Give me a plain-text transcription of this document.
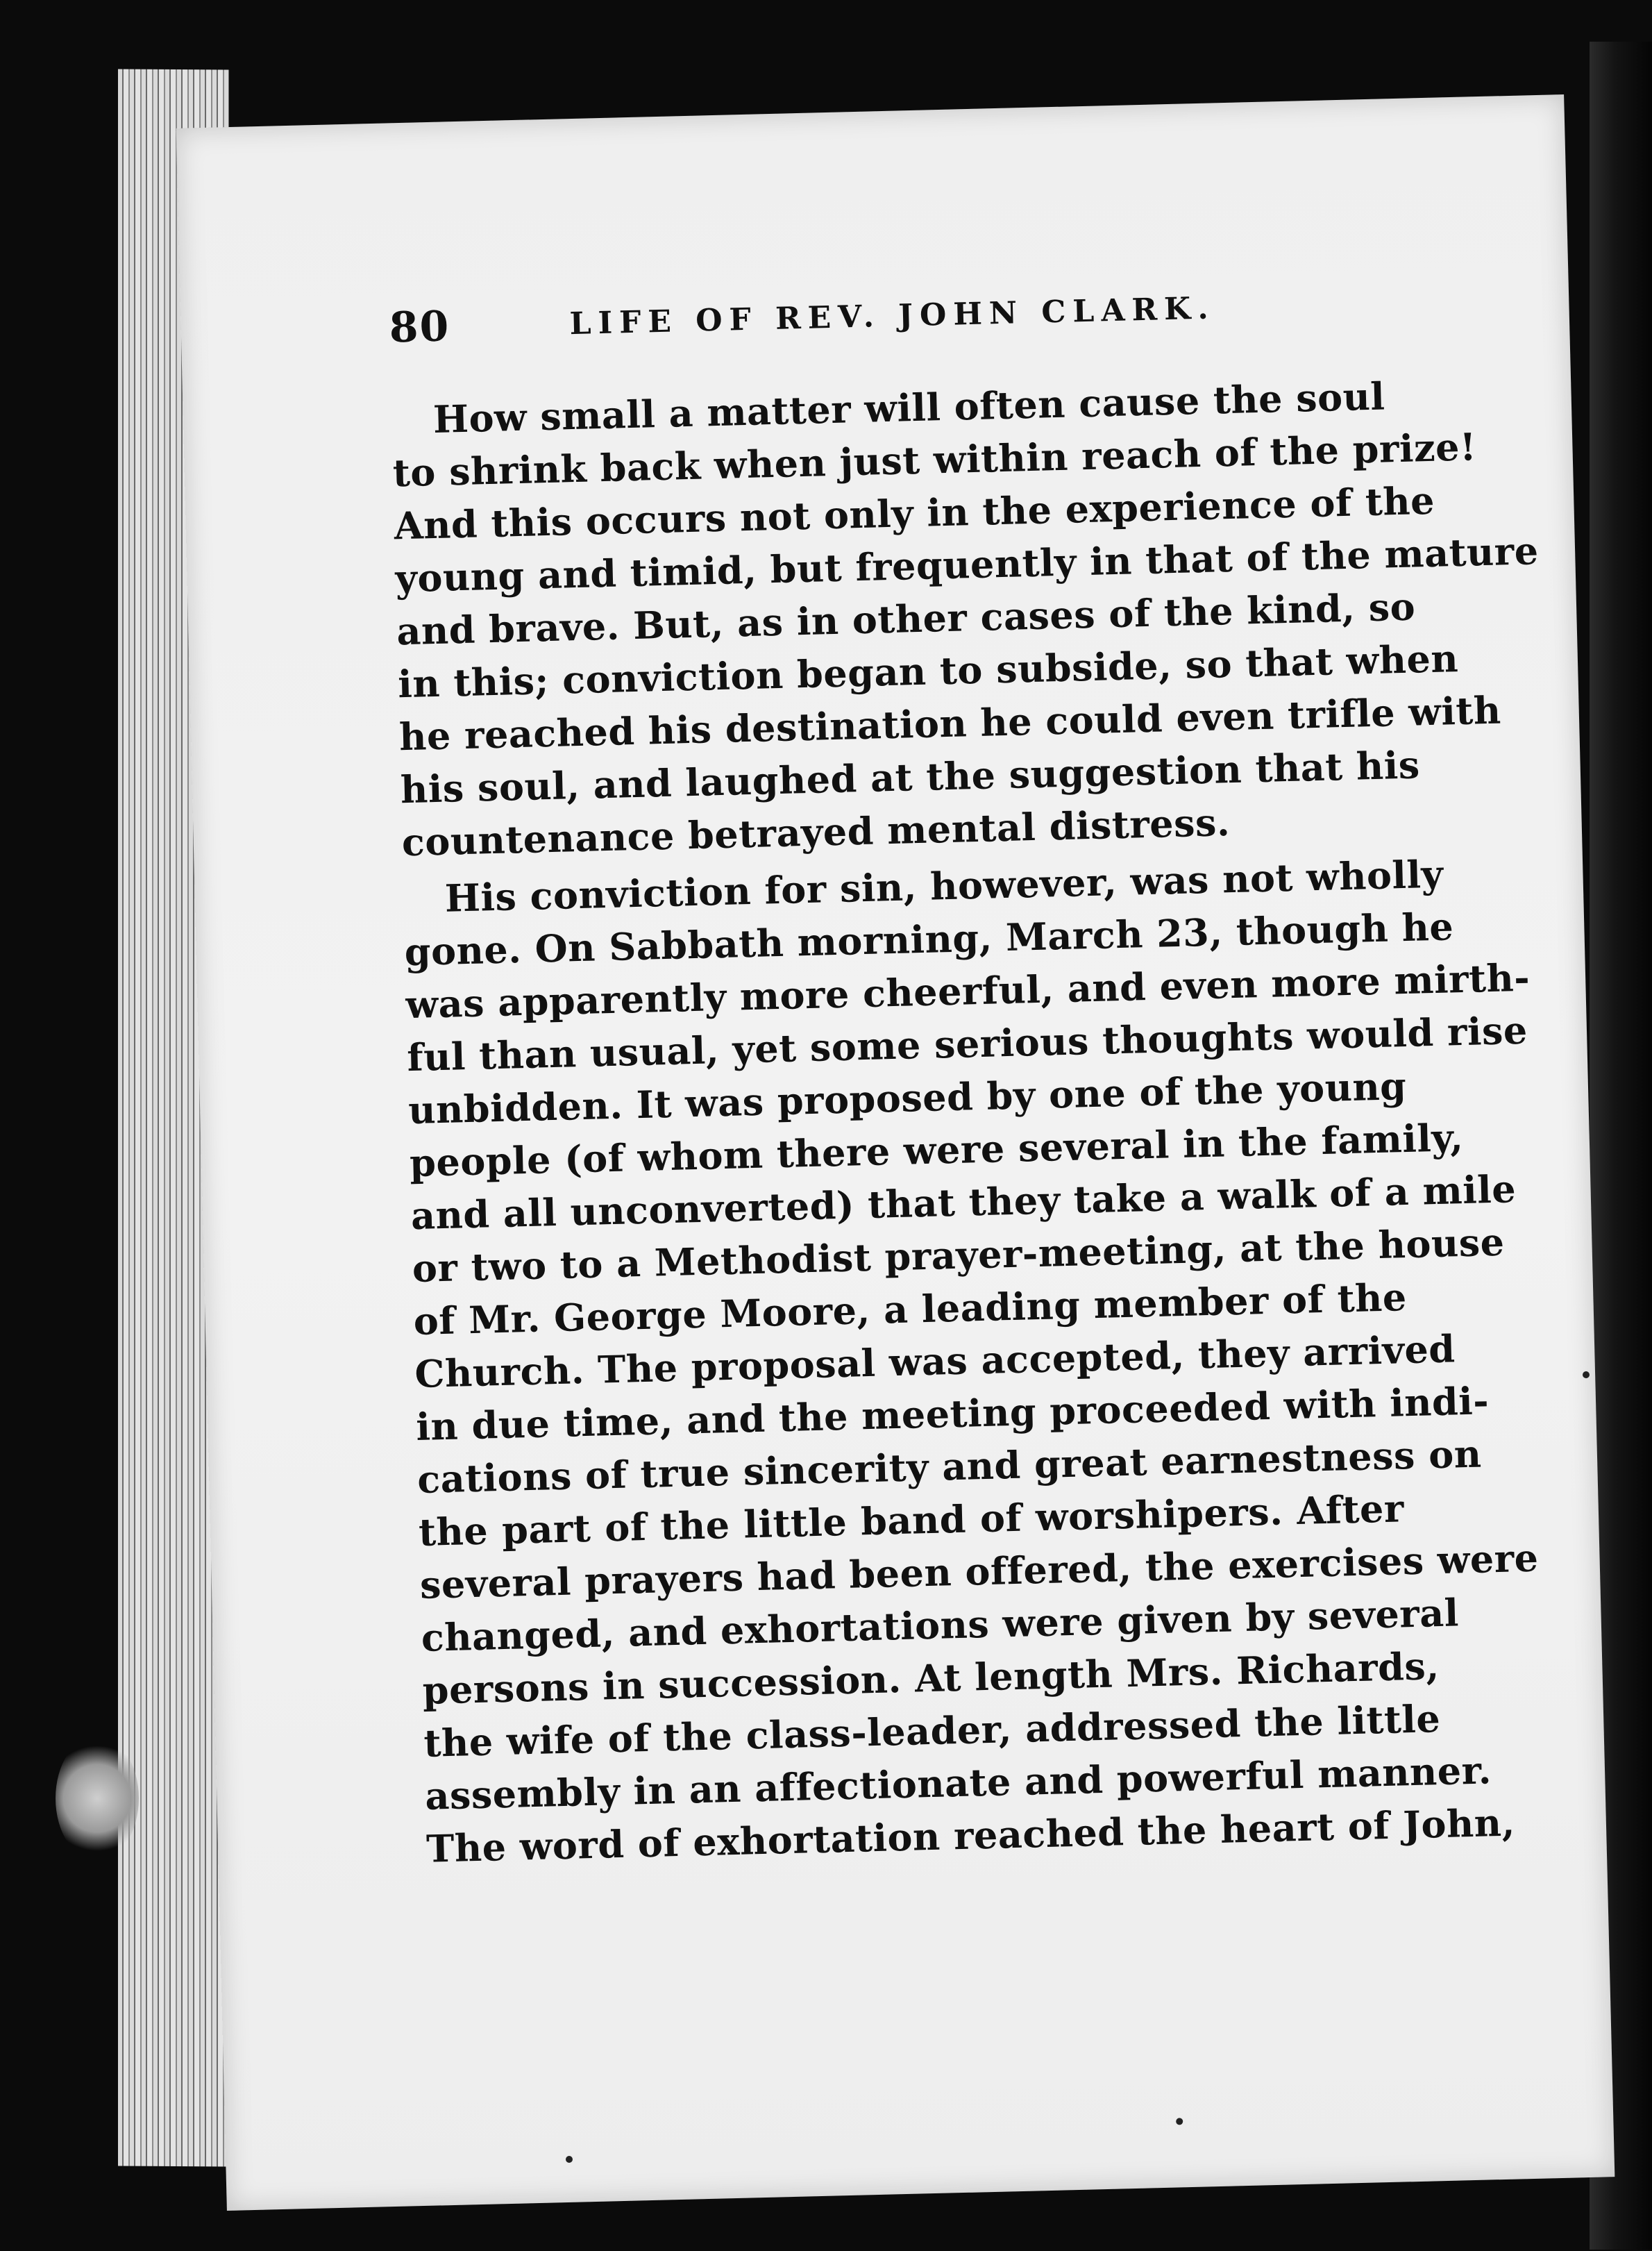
80	LIFE OF REV. JOHN CLARK.
How small a matter will often cause the soul
to shrink back when just within reach of the prize!
And this occurs not only in the experience of the
young and timid, but frequently in that of the mature
and brave. But, as in other cases of the kind, so
in this; conviction began to subside, so that when
he reached his destination he could even trifle with
his soul, and laughed at the suggestion that his
countenance betrayed mental distress.
His conviction for sin, however, was not wholly
gone. On Sabbath morning, March 23, though he
was apparently more cheerful, and even more mirth-
ful than usual, yet some serious thoughts would rise
unbidden. It was proposed by one of the young
people (of whom there were several in the family,
and all unconverted) that they take a walk of a mile
or two to a Methodist prayer-meeting, at the house
of Mr. George Moore, a leading member of the
Church. The proposal was accepted, they arrived
in due time, and the meeting proceeded with indi-
cations of true sincerity and great earnestness on
the part of the little band of worshipers. After
several prayers had been offered, the exercises were
changed, and exhortations were given by several
persons in succession. At length Mrs. Richards,
the wife of the class-leader, addressed the little
assembly in an affectionate and powerful manner.
The word of exhortation reached the heart of John,
